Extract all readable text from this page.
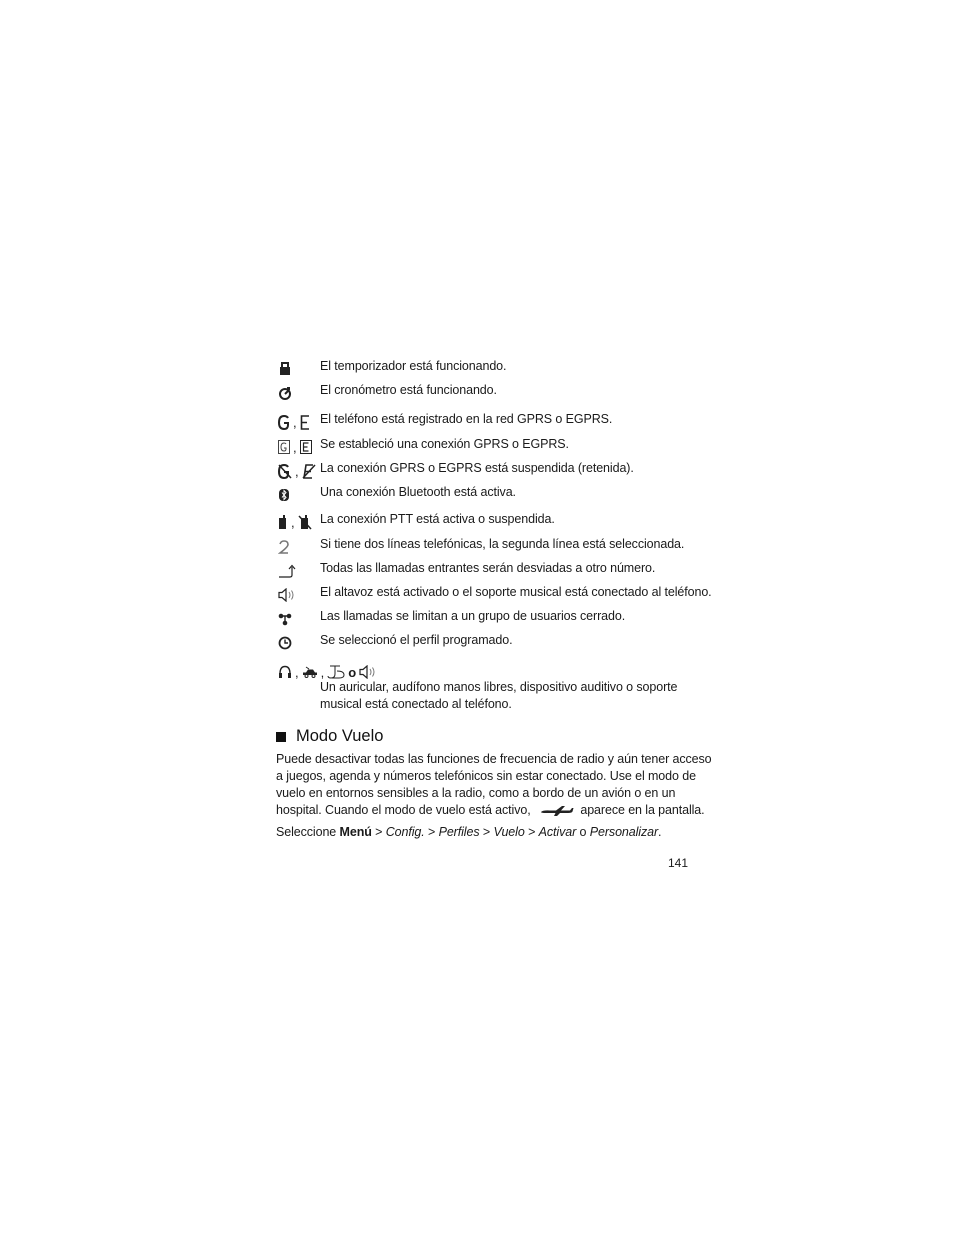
El temporizador está funcionando.
El cronómetro está funcionando.
, El teléfono está registrado en la red GPRS o EGPRS.
, Se estableció una conexión GPRS o EGPRS.
, La conexión GPRS o EGPRS está suspendida (retenida).
Una conexión Bluetooth está activa.
, La conexión PTT está activa o suspendida.
Si tiene dos líneas telefónicas, la segunda línea está seleccionada.
Todas las llamadas entrantes serán desviadas a otro número.
El altavoz está activado o el soporte musical está conectado al teléfono.
Las llamadas se limitan a un grupo de usuarios cerrado.
Se seleccionó el perfil programado.
, , o
Un auricular, audífono manos libres, dispositivo auditivo o soporte
musical está conectado al teléfono.
Modo Vuelo
Puede desactivar todas las funciones de frecuencia de radio y aún tener acceso
a juegos, agenda y números telefónicos sin estar conectado. Use el modo de
vuelo en entornos sensibles a la radio, como a bordo de un avión o en un
hospital. Cuando el modo de vuelo está activo,	aparece en la pantalla.
Seleccione Menú > Config. > Perfiles > Vuelo > Activar o Personalizar.
141
